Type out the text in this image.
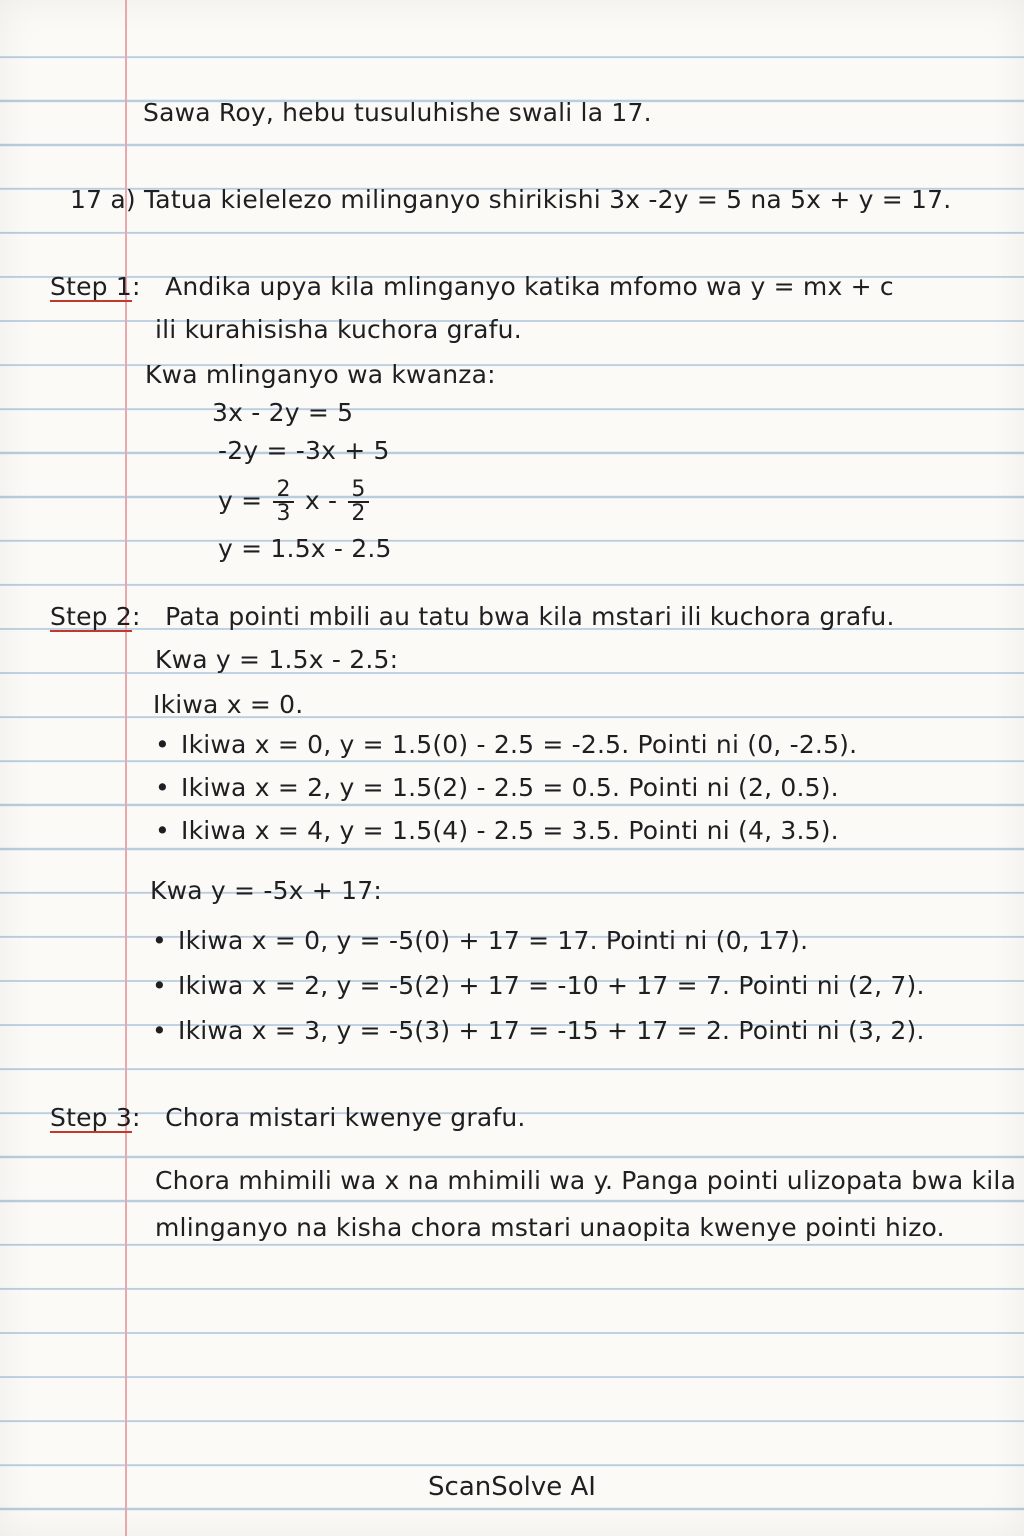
Sawa Roy, hebu tusuluhishe swali la 17.
17 a) Tatua kielelezo milinganyo shirikishi 3x -2y = 5 na 5x + y = 17.
Step 1:   Andika upya kila mlinganyo katika mfomo wa y = mx + c
ili kurahisisha kuchora grafu.
Kwa mlinganyo wa kwanza:
3x - 2y = 5
-2y = -3x + 5
$y = \frac{2}{3}$ x - $\frac{5}{2}$
y = 1.5x - 2.5
Step 2:   Pata pointi mbili au tatu bwa kila mstari ili kuchora grafu.
Kwa y = 1.5x - 2.5:
Ikiwa x = 0.
• Ikiwa x = 0, y = 1.5(0) - 2.5 = -2.5. Pointi ni (0, -2.5).
• Ikiwa x = 2, y = 1.5(2) - 2.5 = 0.5. Pointi ni (2, 0.5).
• Ikiwa x = 4, y = 1.5(4) - 2.5 = 3.5. Pointi ni (4, 3.5).
Kwa y = -5x + 17:
• Ikiwa x = 0, y = -5(0) + 17 = 17. Pointi ni (0, 17).
• Ikiwa x = 2, y = -5(2) + 17 = -10 + 17 = 7. Pointi ni (2, 7).
• Ikiwa x = 3, y = -5(3) + 17 = -15 + 17 = 2. Pointi ni (3, 2).
Step 3:   Chora mistari kwenye grafu.
Chora mhimili wa x na mhimili wa y. Panga pointi ulizopata bwa kila
mlinganyo na kisha chora mstari unaopita kwenye pointi hizo.
ScanSolve AI
